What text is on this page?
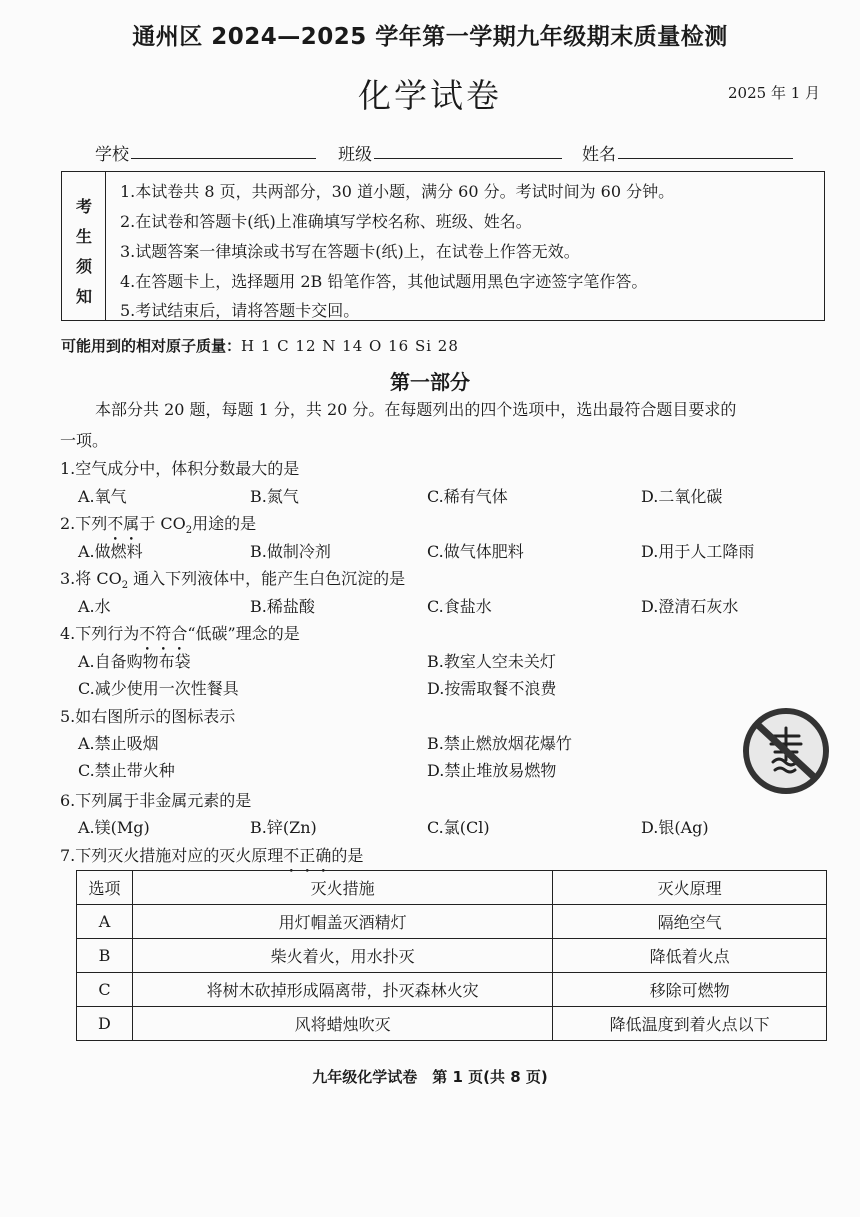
通州区 2024—2025 学年第一学期九年级期末质量检测
化学试卷	2025 年 1 月
学校	班级	姓名
考
生
须
知
1.本试卷共 8 页，共两部分，30 道小题，满分 60 分。考试时间为 60 分钟。
2.在试卷和答题卡(纸)上准确填写学校名称、班级、姓名。
3.试题答案一律填涂或书写在答题卡(纸)上，在试卷上作答无效。
4.在答题卡上，选择题用 2B 铅笔作答，其他试题用黑色字迹签字笔作答。
5.考试结束后，请将答题卡交回。
可能用到的相对原子质量：H 1 C 12 N 14 O 16 Si 28
第一部分
本部分共 20 题，每题 1 分，共 20 分。在每题列出的四个选项中，选出最符合题目要求的
一项。
1.空气成分中，体积分数最大的是
A.氧气	B.氮气	C.稀有气体	D.二氧化碳
2.下列不属于 $CO_2$用途的是
A.做燃料	B.做制冷剂	C.做气体肥料	D.用于人工降雨
3.将 $CO_2$ 通入下列液体中，能产生白色沉淀的是
A.水	B.稀盐酸	C.食盐水	D.澄清石灰水
4.下列行为不符合“低碳”理念的是
A.自备购物布袋	B.教室人空未关灯
C.减少使用一次性餐具	D.按需取餐不浪费
5.如右图所示的图标表示
A.禁止吸烟	B.禁止燃放烟花爆竹
C.禁止带火种	D.禁止堆放易燃物
6.下列属于非金属元素的是
A.镁(Mg)	B.锌(Zn)	C.氯(Cl)	D.银(Ag)
7.下列灭火措施对应的灭火原理不正确的是
选项	灭火措施	灭火原理
A	用灯帽盖灭酒精灯	隔绝空气
B	柴火着火，用水扑灭	降低着火点
C	将树木砍掉形成隔离带，扑灭森林火灾	移除可燃物
D	风将蜡烛吹灭	降低温度到着火点以下
九年级化学试卷　第 1 页(共 8 页)
